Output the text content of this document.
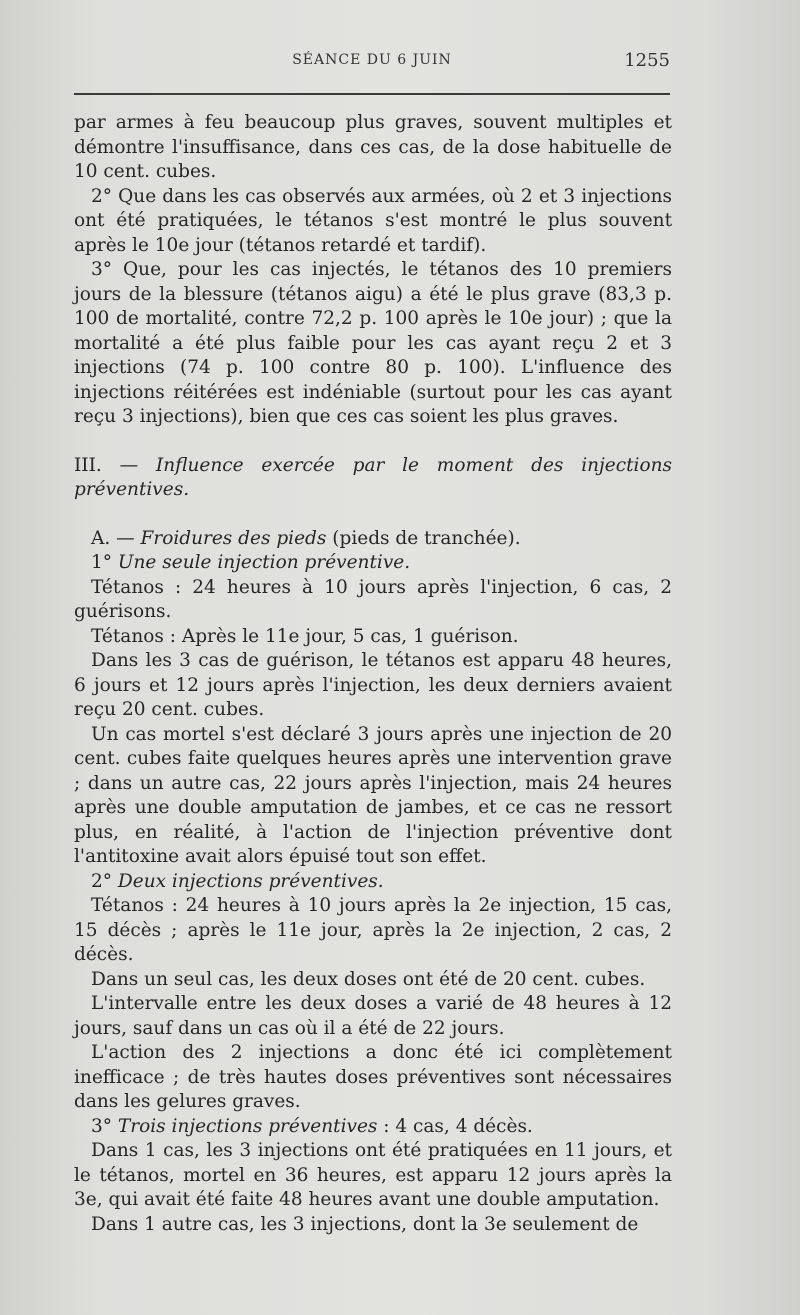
SÉANCE DU 6 JUIN	1255

par armes à feu beaucoup plus graves, souvent multiples et démontre l'insuffisance, dans ces cas, de la dose habituelle de 10 cent. cubes.

2° Que dans les cas observés aux armées, où 2 et 3 injections ont été pratiquées, le tétanos s'est montré le plus souvent après le 10e jour (tétanos retardé et tardif).

3° Que, pour les cas injectés, le tétanos des 10 premiers jours de la blessure (tétanos aigu) a été le plus grave (83,3 p. 100 de mortalité, contre 72,2 p. 100 après le 10e jour) ; que la mortalité a été plus faible pour les cas ayant reçu 2 et 3 injections (74 p. 100 contre 80 p. 100). L'influence des injections réitérées est indéniable (surtout pour les cas ayant reçu 3 injections), bien que ces cas soient les plus graves.

III. — Influence exercée par le moment des injections préventives.

A. — Froidures des pieds (pieds de tranchée).

1° Une seule injection préventive.

Tétanos : 24 heures à 10 jours après l'injection, 6 cas, 2 guérisons.

Tétanos : Après le 11e jour, 5 cas, 1 guérison.

Dans les 3 cas de guérison, le tétanos est apparu 48 heures, 6 jours et 12 jours après l'injection, les deux derniers avaient reçu 20 cent. cubes.

Un cas mortel s'est déclaré 3 jours après une injection de 20 cent. cubes faite quelques heures après une intervention grave ; dans un autre cas, 22 jours après l'injection, mais 24 heures après une double amputation de jambes, et ce cas ne ressort plus, en réalité, à l'action de l'injection préventive dont l'antitoxine avait alors épuisé tout son effet.

2° Deux injections préventives.

Tétanos : 24 heures à 10 jours après la 2e injection, 15 cas, 15 décès ; après le 11e jour, après la 2e injection, 2 cas, 2 décès.

Dans un seul cas, les deux doses ont été de 20 cent. cubes.

L'intervalle entre les deux doses a varié de 48 heures à 12 jours, sauf dans un cas où il a été de 22 jours.

L'action des 2 injections a donc été ici complètement inefficace ; de très hautes doses préventives sont nécessaires dans les gelures graves.

3° Trois injections préventives : 4 cas, 4 décès.

Dans 1 cas, les 3 injections ont été pratiquées en 11 jours, et le tétanos, mortel en 36 heures, est apparu 12 jours après la 3e, qui avait été faite 48 heures avant une double amputation.

Dans 1 autre cas, les 3 injections, dont la 3e seulement de
